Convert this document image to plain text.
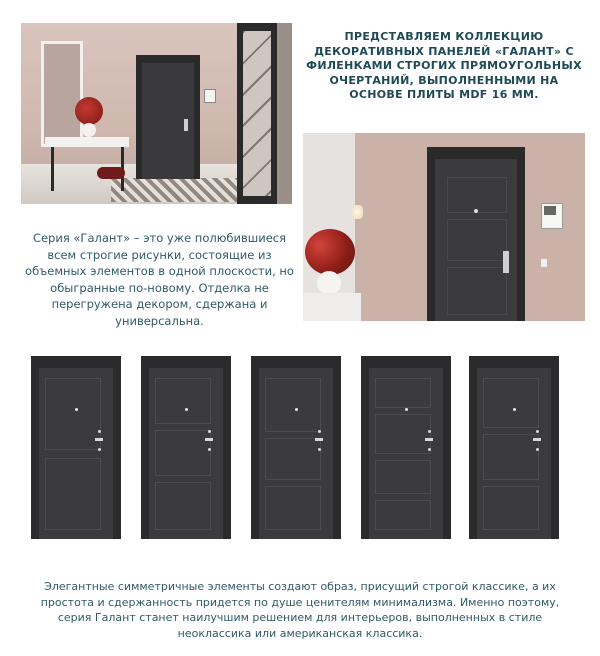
ПРЕДСТАВЛЯЕМ КОЛЛЕКЦИЮ ДЕКОРАТИВНЫХ ПАНЕЛЕЙ «ГАЛАНТ» С ФИЛЕНКАМИ СТРОГИХ ПРЯМОУГОЛЬНЫХ ОЧЕРТАНИЙ, ВЫПОЛНЕННЫМИ НА ОСНОВЕ ПЛИТЫ MDF 16 ММ.

Серия «Галант» – это уже полюбившиеся всем строгие рисунки, состоящие из объемных элементов в одной плоскости, но обыгранные по-новому. Отделка не перегружена декором, сдержана и универсальна.

Элегантные симметричные элементы создают образ, присущий строгой классике, а их простота и сдержанность придется по душе ценителям минимализма. Именно поэтому, серия Галант станет наилучшим решением для интерьеров, выполненных в стиле неоклассика или американская классика.
